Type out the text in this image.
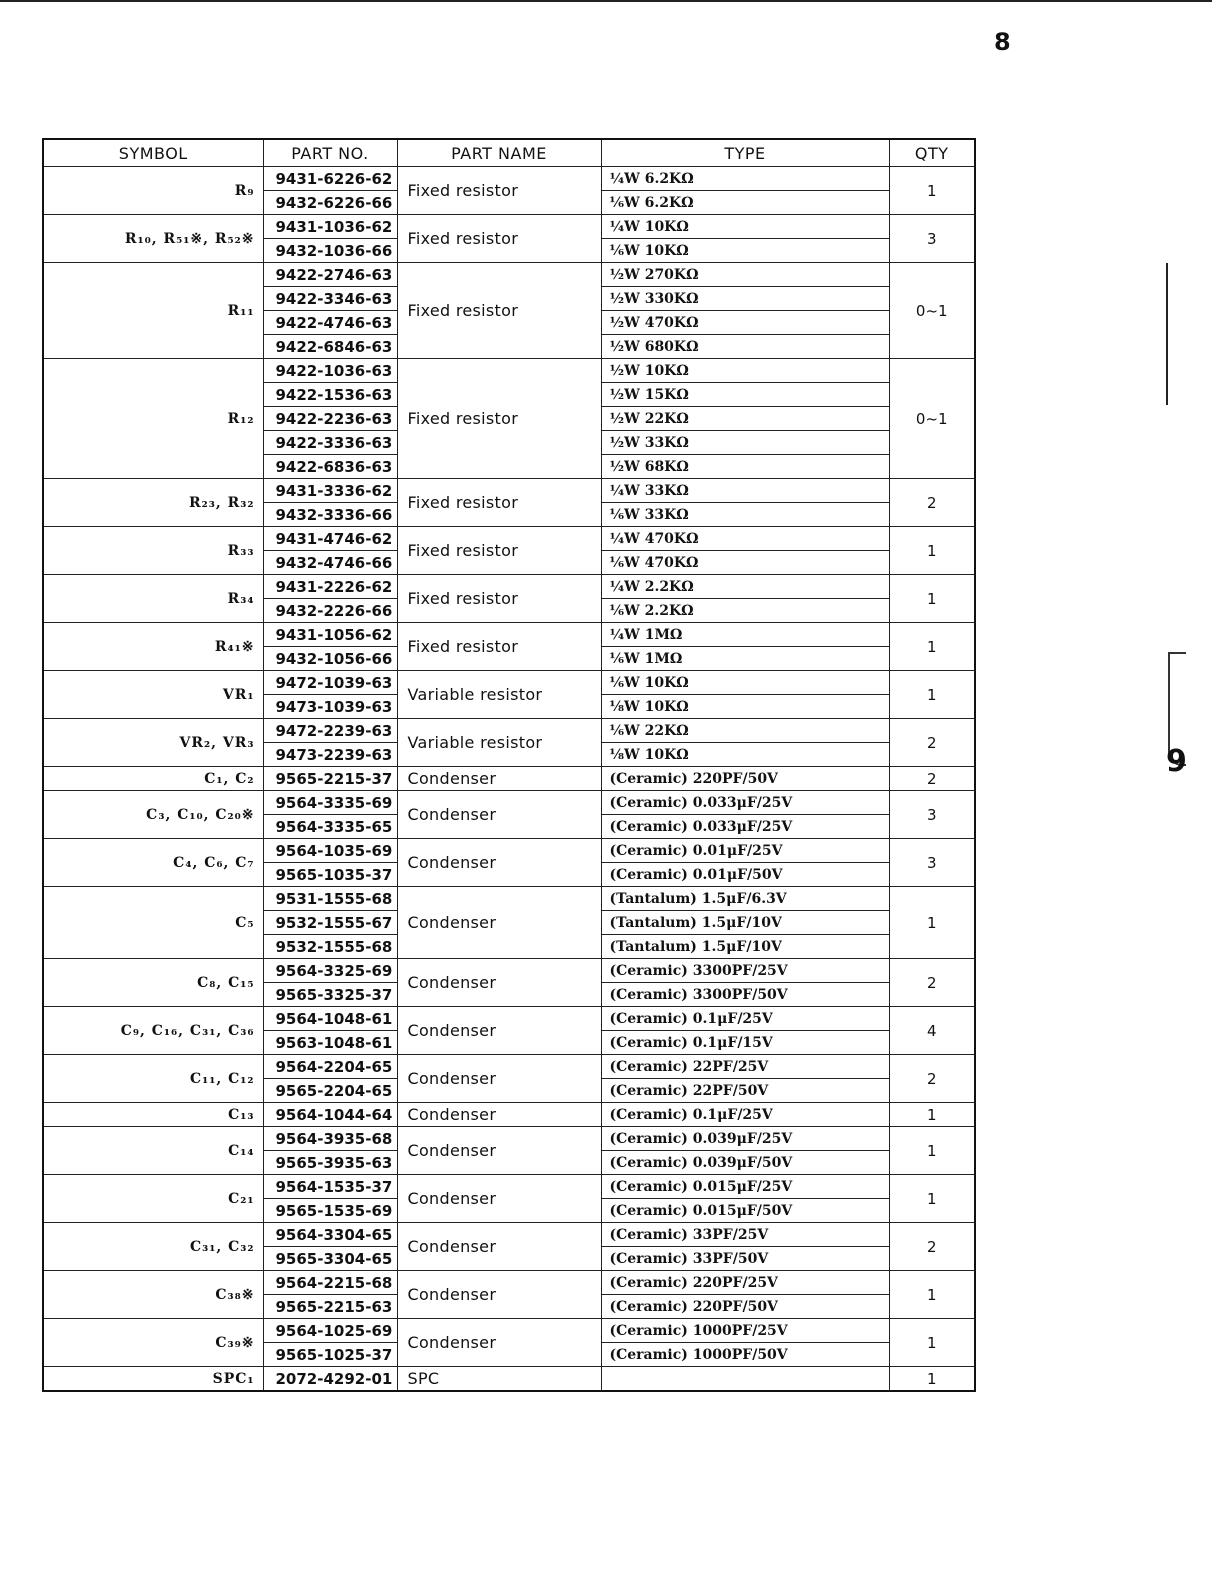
8
9
SYMBOL	PART NO.	PART NAME	TYPE	QTY
R₉	9431-6226-62	Fixed resistor	¼W 6.2KΩ	1
	9432-6226-66		⅙W 6.2KΩ	
R₁₀, R₅₁※, R₅₂※	9431-1036-62	Fixed resistor	¼W 10KΩ	3
	9432-1036-66		⅙W 10KΩ	
R₁₁	9422-2746-63	Fixed resistor	½W 270KΩ	0~1
	9422-3346-63		½W 330KΩ	
	9422-4746-63		½W 470KΩ	
	9422-6846-63		½W 680KΩ	
R₁₂	9422-1036-63	Fixed resistor	½W 10KΩ	0~1
	9422-1536-63		½W 15KΩ	
	9422-2236-63		½W 22KΩ	
	9422-3336-63		½W 33KΩ	
	9422-6836-63		½W 68KΩ	
R₂₃, R₃₂	9431-3336-62	Fixed resistor	¼W 33KΩ	2
	9432-3336-66		⅙W 33KΩ	
R₃₃	9431-4746-62	Fixed resistor	¼W 470KΩ	1
	9432-4746-66		⅙W 470KΩ	
R₃₄	9431-2226-62	Fixed resistor	¼W 2.2KΩ	1
	9432-2226-66		⅙W 2.2KΩ	
R₄₁※	9431-1056-62	Fixed resistor	¼W 1MΩ	1
	9432-1056-66		⅙W 1MΩ	
VR₁	9472-1039-63	Variable resistor	⅙W 10KΩ	1
	9473-1039-63		⅛W 10KΩ	
VR₂, VR₃	9472-2239-63	Variable resistor	⅙W 22KΩ	2
	9473-2239-63		⅛W 10KΩ	
C₁, C₂	9565-2215-37	Condenser	(Ceramic) 220PF/50V	2
C₃, C₁₀, C₂₀※	9564-3335-69	Condenser	(Ceramic) 0.033μF/25V	3
	9564-3335-65		(Ceramic) 0.033μF/25V	
C₄, C₆, C₇	9564-1035-69	Condenser	(Ceramic) 0.01μF/25V	3
	9565-1035-37		(Ceramic) 0.01μF/50V	
C₅	9531-1555-68	Condenser	(Tantalum) 1.5μF/6.3V	1
	9532-1555-67		(Tantalum) 1.5μF/10V	
	9532-1555-68		(Tantalum) 1.5μF/10V	
C₈, C₁₅	9564-3325-69	Condenser	(Ceramic) 3300PF/25V	2
	9565-3325-37		(Ceramic) 3300PF/50V	
C₉, C₁₆, C₃₁, C₃₆	9564-1048-61	Condenser	(Ceramic) 0.1μF/25V	4
	9563-1048-61		(Ceramic) 0.1μF/15V	
C₁₁, C₁₂	9564-2204-65	Condenser	(Ceramic) 22PF/25V	2
	9565-2204-65		(Ceramic) 22PF/50V	
C₁₃	9564-1044-64	Condenser	(Ceramic) 0.1μF/25V	1
C₁₄	9564-3935-68	Condenser	(Ceramic) 0.039μF/25V	1
	9565-3935-63		(Ceramic) 0.039μF/50V	
C₂₁	9564-1535-37	Condenser	(Ceramic) 0.015μF/25V	1
	9565-1535-69		(Ceramic) 0.015μF/50V	
C₃₁, C₃₂	9564-3304-65	Condenser	(Ceramic) 33PF/25V	2
	9565-3304-65		(Ceramic) 33PF/50V	
C₃₈※	9564-2215-68	Condenser	(Ceramic) 220PF/25V	1
	9565-2215-63		(Ceramic) 220PF/50V	
C₃₉※	9564-1025-69	Condenser	(Ceramic) 1000PF/25V	1
	9565-1025-37		(Ceramic) 1000PF/50V	
SPC₁	2072-4292-01	SPC		1
